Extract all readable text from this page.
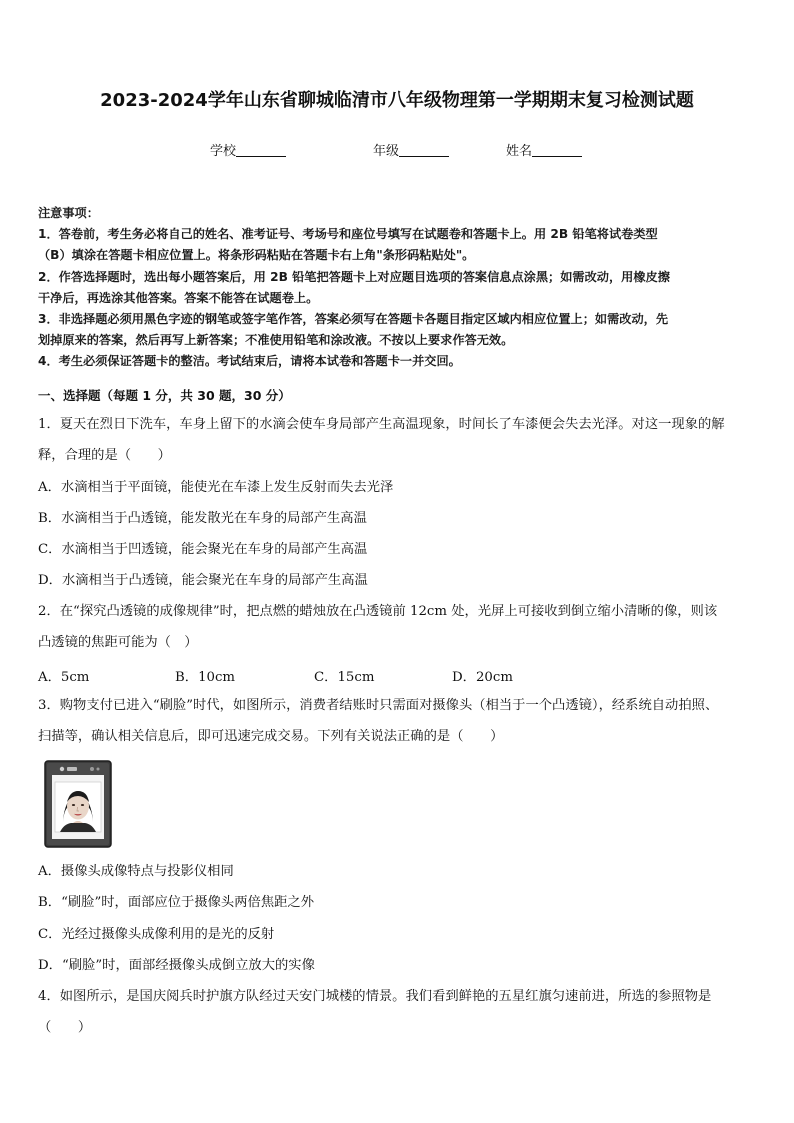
2023-2024学年山东省聊城临清市八年级物理第一学期期末复习检测试题
学校	年级	姓名

注意事项：

1．答卷前，考生务必将自己的姓名、准考证号、考场号和座位号填写在试题卷和答题卡上。用 2B 铅笔将试卷类型

（B）填涂在答题卡相应位置上。将条形码粘贴在答题卡右上角"条形码粘贴处"。

2．作答选择题时，选出每小题答案后，用 2B 铅笔把答题卡上对应题目选项的答案信息点涂黑；如需改动，用橡皮擦

干净后，再选涂其他答案。答案不能答在试题卷上。

3．非选择题必须用黑色字迹的钢笔或签字笔作答，答案必须写在答题卡各题目指定区域内相应位置上；如需改动，先

划掉原来的答案，然后再写上新答案；不准使用铅笔和涂改液。不按以上要求作答无效。

4．考生必须保证答题卡的整洁。考试结束后，请将本试卷和答题卡一并交回。

一、选择题（每题 1 分，共 30 题，30 分）
1．夏天在烈日下洗车，车身上留下的水滴会使车身局部产生高温现象，时间长了车漆便会失去光泽。对这一现象的解
释，合理的是（　　）
A．水滴相当于平面镜，能使光在车漆上发生反射而失去光泽
B．水滴相当于凸透镜，能发散光在车身的局部产生高温
C．水滴相当于凹透镜，能会聚光在车身的局部产生高温
D．水滴相当于凸透镜，能会聚光在车身的局部产生高温
2．在“探究凸透镜的成像规律”时，把点燃的蜡烛放在凸透镜前 12cm 处，光屏上可接收到倒立缩小清晰的像，则该
凸透镜的焦距可能为（　）
A．5cm	B．10cm	C．15cm	D．20cm
3．购物支付已进入“刷脸”时代，如图所示，消费者结账时只需面对摄像头（相当于一个凸透镜），经系统自动拍照、
扫描等，确认相关信息后，即可迅速完成交易。下列有关说法正确的是（　　）
A．摄像头成像特点与投影仪相同
B．“刷脸”时，面部应位于摄像头两倍焦距之外
C．光经过摄像头成像利用的是光的反射
D．“刷脸”时，面部经摄像头成倒立放大的实像
4．如图所示，是国庆阅兵时护旗方队经过天安门城楼的情景。我们看到鲜艳的五星红旗匀速前进，所选的参照物是
（　　）
